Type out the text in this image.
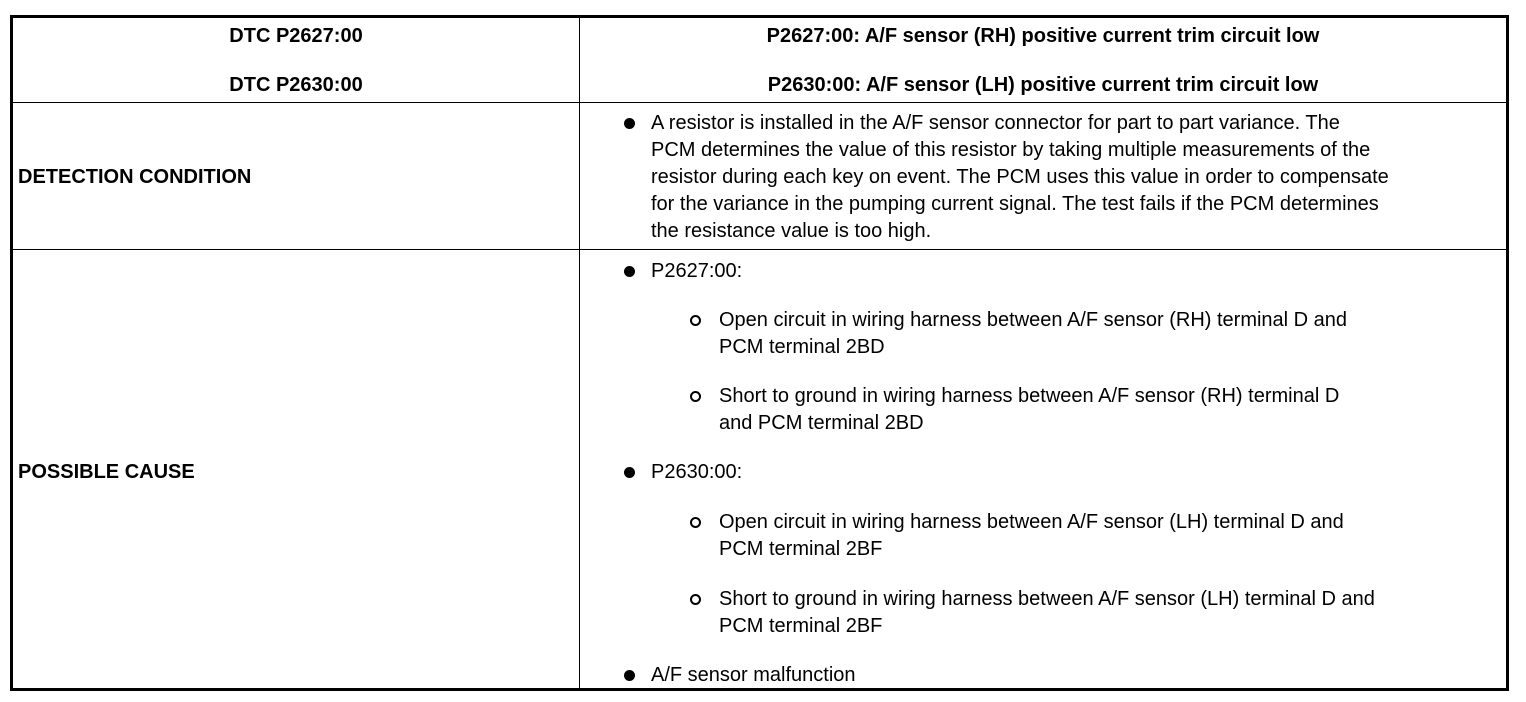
DTC P2627:00
DTC P2630:00
P2627:00: A/F sensor (RH) positive current trim circuit low
P2630:00: A/F sensor (LH) positive current trim circuit low
DETECTION CONDITION
A resistor is installed in the A/F sensor connector for part to part variance. The
PCM determines the value of this resistor by taking multiple measurements of the
resistor during each key on event. The PCM uses this value in order to compensate
for the variance in the pumping current signal. The test fails if the PCM determines
the resistance value is too high.
POSSIBLE CAUSE
P2627:00:
Open circuit in wiring harness between A/F sensor (RH) terminal D and
PCM terminal 2BD
Short to ground in wiring harness between A/F sensor (RH) terminal D
and PCM terminal 2BD
P2630:00:
Open circuit in wiring harness between A/F sensor (LH) terminal D and
PCM terminal 2BF
Short to ground in wiring harness between A/F sensor (LH) terminal D and
PCM terminal 2BF
A/F sensor malfunction
